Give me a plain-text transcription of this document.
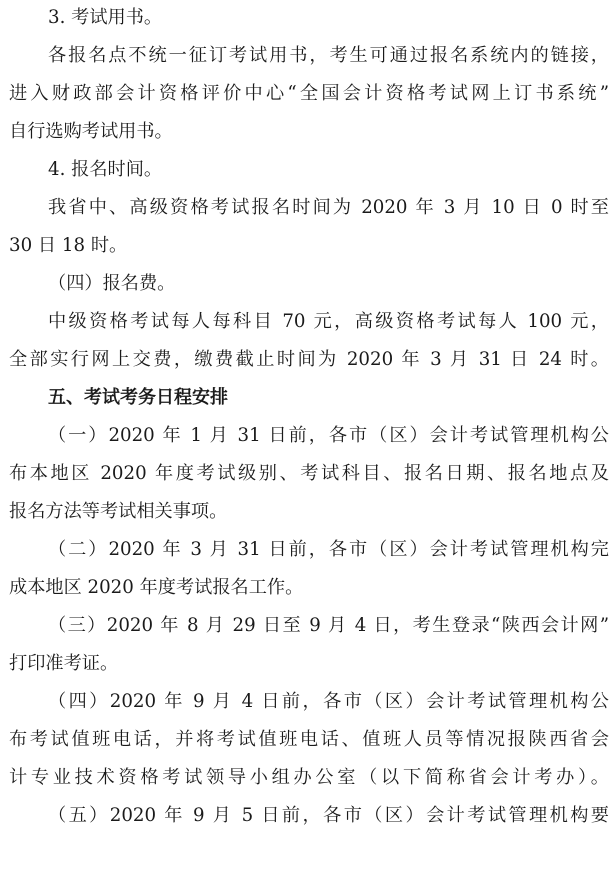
3. 考试用书。
各报名点不统一征订考试用书，考生可通过报名系统内的链接，
进入财政部会计资格评价中心“全国会计资格考试网上订书系统”
自行选购考试用书。
4. 报名时间。
我省中、高级资格考试报名时间为 2020 年 3 月 10 日 0 时至
30 日 18 时。
（四）报名费。
中级资格考试每人每科目 70 元，高级资格考试每人 100 元，
全部实行网上交费，缴费截止时间为 2020 年 3 月 31 日 24 时。
五、考试考务日程安排
（一）2020 年 1 月 31 日前，各市（区）会计考试管理机构公
布本地区 2020 年度考试级别、考试科目、报名日期、报名地点及
报名方法等考试相关事项。
（二）2020 年 3 月 31 日前，各市（区）会计考试管理机构完
成本地区 2020 年度考试报名工作。
（三）2020 年 8 月 29 日至 9 月 4 日，考生登录“陕西会计网”
打印准考证。
（四）2020 年 9 月 4 日前，各市（区）会计考试管理机构公
布考试值班电话，并将考试值班电话、值班人员等情况报陕西省会
计专业技术资格考试领导小组办公室（以下简称省会计考办）。
（五）2020 年 9 月 5 日前，各市（区）会计考试管理机构要
